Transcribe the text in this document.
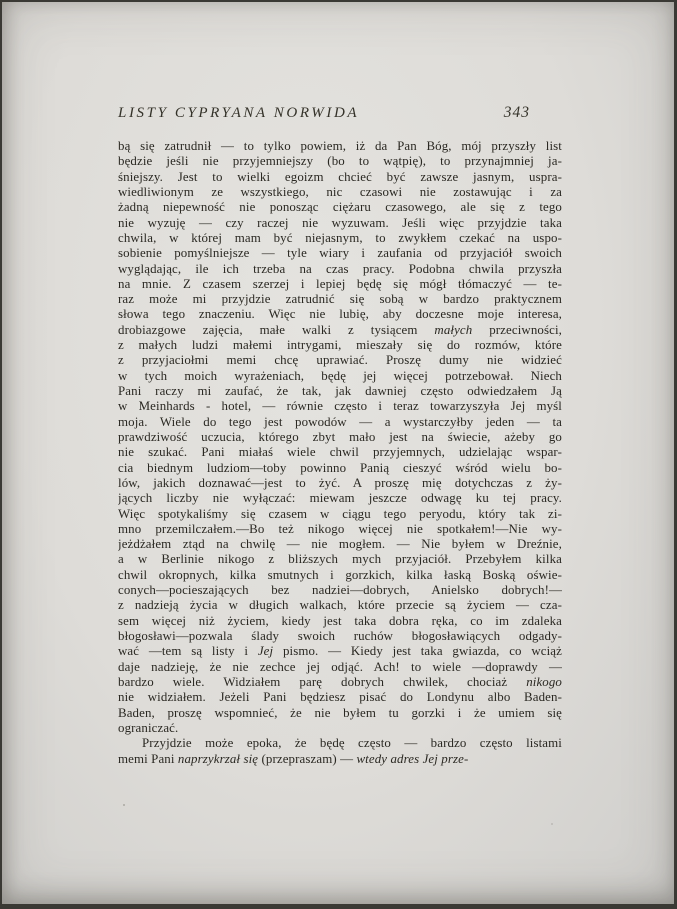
LISTY CYPRYANA NORWIDA	343
bą się zatrudnił — to tylko powiem, iż da Pan Bóg, mój przyszły list
będzie jeśli nie przyjemniejszy (bo to wątpię), to przynajmniej ja-
śniejszy. Jest to wielki egoizm chcieć być zawsze jasnym, uspra-
wiedliwionym ze wszystkiego, nic czasowi nie zostawując i za
żadną niepewność nie ponosząc ciężaru czasowego, ale się z tego
nie wyzuję — czy raczej nie wyzuwam. Jeśli więc przyjdzie taka
chwila, w której mam być niejasnym, to zwykłem czekać na uspo-
sobienie pomyślniejsze — tyle wiary i zaufania od przyjaciół swoich
wyglądając, ile ich trzeba na czas pracy. Podobna chwila przyszła
na mnie. Z czasem szerzej i lepiej będę się mógł tłómaczyć — te-
raz może mi przyjdzie zatrudnić się sobą w bardzo praktycznem
słowa tego znaczeniu. Więc nie lubię, aby doczesne moje interesa,
drobiazgowe zajęcia, małe walki z tysiącem małych przeciwności,
z małych ludzi małemi intrygami, mieszały się do rozmów, które
z przyjaciołmi memi chcę uprawiać. Proszę dumy nie widzieć
w tych moich wyrażeniach, będę jej więcej potrzebował. Niech
Pani raczy mi zaufać, że tak, jak dawniej często odwiedzałem Ją
w Meinhards - hotel, — równie często i teraz towarzyszyła Jej myśl
moja. Wiele do tego jest powodów — a wystarczyłby jeden — ta
prawdziwość uczucia, którego zbyt mało jest na świecie, ażeby go
nie szukać. Pani miałaś wiele chwil przyjemnych, udzielając wspar-
cia biednym ludziom—toby powinno Panią cieszyć wśród wielu bo-
lów, jakich doznawać—jest to żyć. A proszę mię dotychczas z ży-
jących liczby nie wyłączać: miewam jeszcze odwagę ku tej pracy.
Więc spotykaliśmy się czasem w ciągu tego peryodu, który tak zi-
mno przemilczałem.—Bo też nikogo więcej nie spotkałem!—Nie wy-
jeżdżałem ztąd na chwilę — nie mogłem. — Nie byłem w Dreźnie,
a w Berlinie nikogo z bliższych mych przyjaciół. Przebyłem kilka
chwil okropnych, kilka smutnych i gorzkich, kilka łaską Boską oświe-
conych—pocieszających bez nadziei—dobrych, Anielsko dobrych!—
z nadzieją życia w długich walkach, które przecie są życiem — cza-
sem więcej niż życiem, kiedy jest taka dobra ręka, co im zdaleka
błogosławi—pozwala ślady swoich ruchów błogosławiących odgady-
wać —tem są listy i Jej pismo. — Kiedy jest taka gwiazda, co wciąż
daje nadzieję, że nie zechce jej odjąć. Ach! to wiele —doprawdy —
bardzo wiele. Widziałem parę dobrych chwilek, chociaż nikogo
nie widziałem. Jeżeli Pani będziesz pisać do Londynu albo Baden-
Baden, proszę wspomnieć, że nie byłem tu gorzki i że umiem się
ograniczać.
Przyjdzie może epoka, że będę często — bardzo często listami
memi Pani naprzykrzał się (przepraszam) — wtedy adres Jej prze-
